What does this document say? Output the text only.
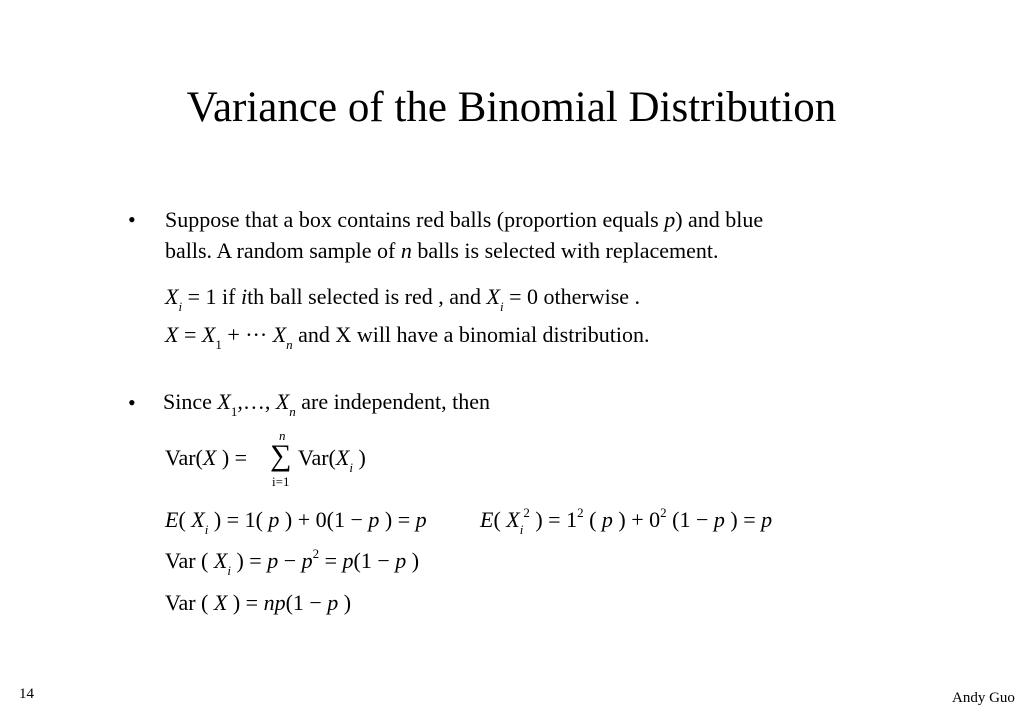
Variance of the Binomial Distribution
• Suppose that a box contains red balls (proportion equals p) and blue
balls. A random sample of n balls is selected with replacement.
$X_i = 1$ if ith ball selected is red , and $X_i = 0$ otherwise .
$X = X_1$ + ··· $X_n$ and X will have a binomial distribution.
• Since $X_1,\dots$, $X_n$ are independent, then
Var(X ) =
n
∑
i=1
$Var(X_i$ )
E( $X_i$ ) = 1( p ) + 0(1 − p ) = p E( $X_i^2$ ) = $1^2$ ( p ) + $0^2$ (1 − p ) = p
Var ( $X_i$ ) = $p - p^2 = p(1 - p$ )
Var ( X ) = np(1 − p )
14	Andy Guo
